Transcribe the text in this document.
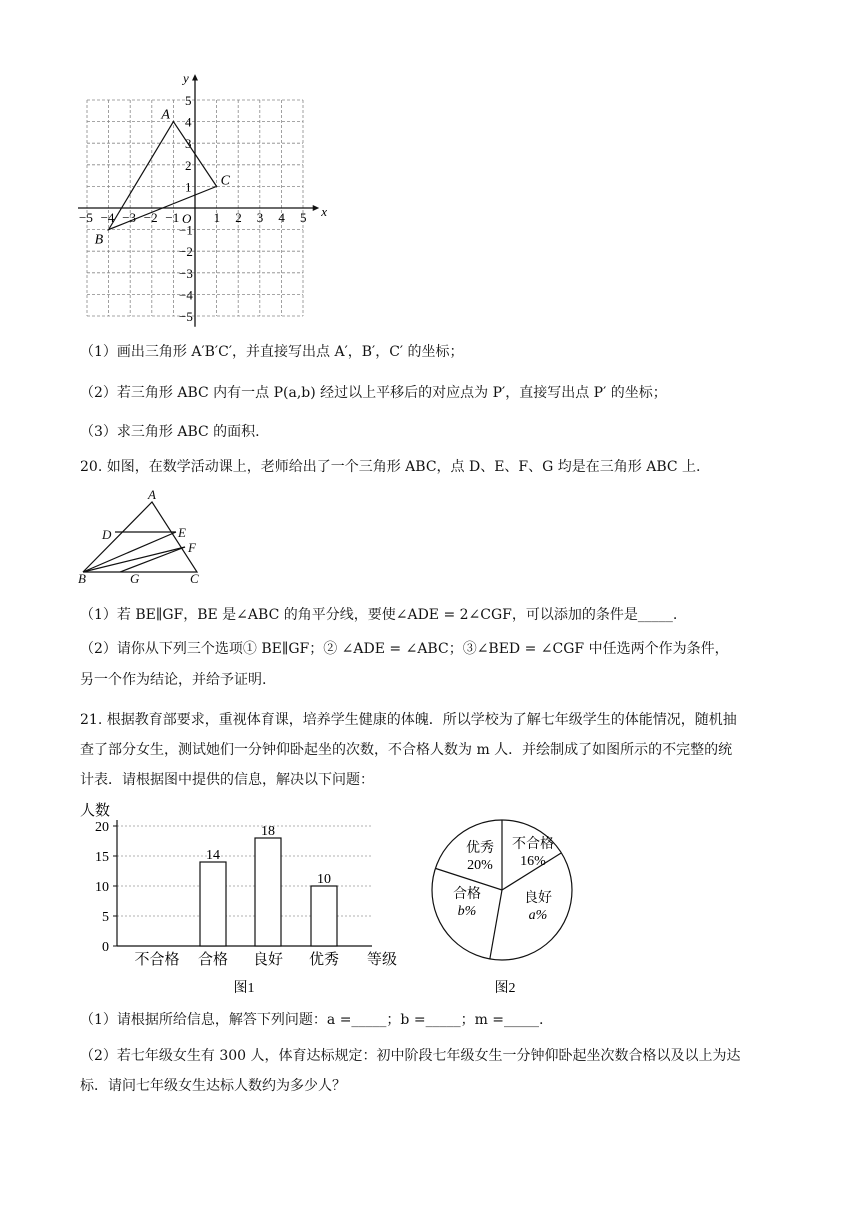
x
y
O
−5 −4 −3 −2 −1	1 2 3 4 5
5
4
3
2
1
−1
−2
−3
−4
−5
A
B
C
（1）画出三角形 A′B′C′，并直接写出点 A′，B′，C′ 的坐标；
（2）若三角形 ABC 内有一点 P(a,b) 经过以上平移后的对应点为 P′，直接写出点 P′ 的坐标；
（3）求三角形 ABC 的面积.
20. 如图，在数学活动课上，老师给出了一个三角形 ABC，点 D、E、F、G 均是在三角形 ABC 上.
A
D	E
F
B	G	C
（1）若 BE∥GF，BE 是∠ABC 的角平分线，要使∠ADE = 2∠CGF，可以添加的条件是_____.
（2）请你从下列三个选项① BE∥GF；② ∠ADE = ∠ABC；③∠BED = ∠CGF 中任选两个作为条件，
另一个作为结论，并给予证明.
21. 根据教育部要求，重视体育课，培养学生健康的体魄．所以学校为了解七年级学生的体能情况，随机抽
查了部分女生，测试她们一分钟仰卧起坐的次数，不合格人数为 m 人．并绘制成了如图所示的不完整的统
计表．请根据图中提供的信息，解决以下问题：
0
5
10
15
20
人数
等级
不合格 合格
14
良好
18
优秀
10
图1
不合格
16%
良好
a%
合格
b%
优秀
20%
图2
（1）请根据所给信息，解答下列问题：a =_____；b =_____；m =_____.
（2）若七年级女生有 300 人，体育达标规定：初中阶段七年级女生一分钟仰卧起坐次数合格以及以上为达
标．请问七年级女生达标人数约为多少人？
